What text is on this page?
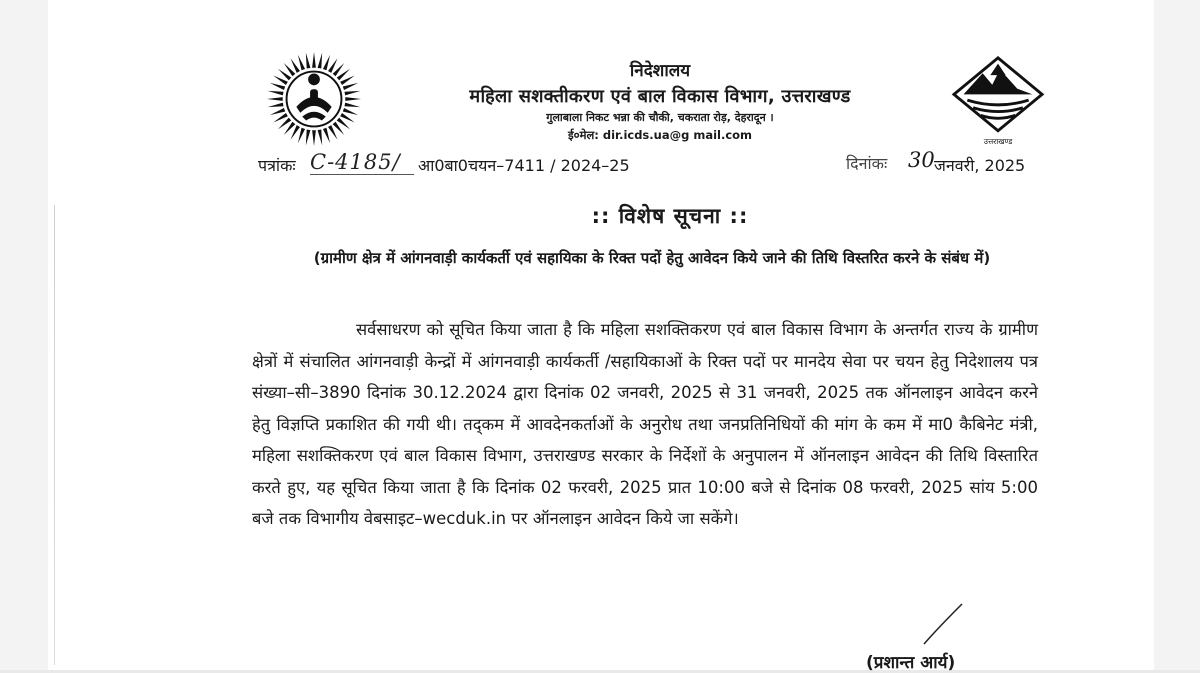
उत्तराखण्ड
निदेशालय
महिला सशक्तीकरण एवं बाल विकास विभाग, उत्तराखण्ड
गुलाबाला निकट भन्ना की चौकी, चकराता रोड़, देहरादून ।
ई०मेल: dir.icds.ua@g mail.com
पत्रांकः C-4185/ आ0बा0चयन–7411 / 2024–25	दिनांकः 30 जनवरी, 2025
:: विशेष सूचना ::
(ग्रामीण क्षेत्र में आंगनवाड़ी कार्यकर्ती एवं सहायिका के रिक्त पदों हेतु आवेदन किये जाने की तिथि विस्तरित करने के संबंध में)
सर्वसाधरण को सूचित किया जाता है कि महिला सशक्तिकरण एवं बाल विकास विभाग के अन्तर्गत राज्य के ग्रामीण क्षेत्रों में संचालित आंगनवाड़ी केन्द्रों में आंगनवाड़ी कार्यकर्ती /सहायिकाओं के रिक्त पदों पर मानदेय सेवा पर चयन हेतु निदेशालय पत्र संख्या–सी–3890 दिनांक 30.12.2024 द्वारा दिनांक 02 जनवरी, 2025 से 31 जनवरी, 2025 तक ऑनलाइन आवेदन करने हेतु विज्ञप्ति प्रकाशित की गयी थी। तद्‌कम में आवदेनकर्ताओं के अनुरोध तथा जनप्रतिनिधियों की मांग के कम में मा0 कैबिनेट मंत्री, महिला सशक्तिकरण एवं बाल विकास विभाग, उत्तराखण्ड सरकार के निर्देशों के अनुपालन में ऑनलाइन आवेदन की तिथि विस्तारित करते हुए, यह सूचित किया जाता है कि दिनांक 02 फरवरी, 2025 प्रात 10:00 बजे से दिनांक 08 फरवरी, 2025 सांय 5:00 बजे तक विभागीय वेबसाइट–wecduk.in पर ऑनलाइन आवेदन किये जा सकेंगे।
(प्रशान्त आर्य)
